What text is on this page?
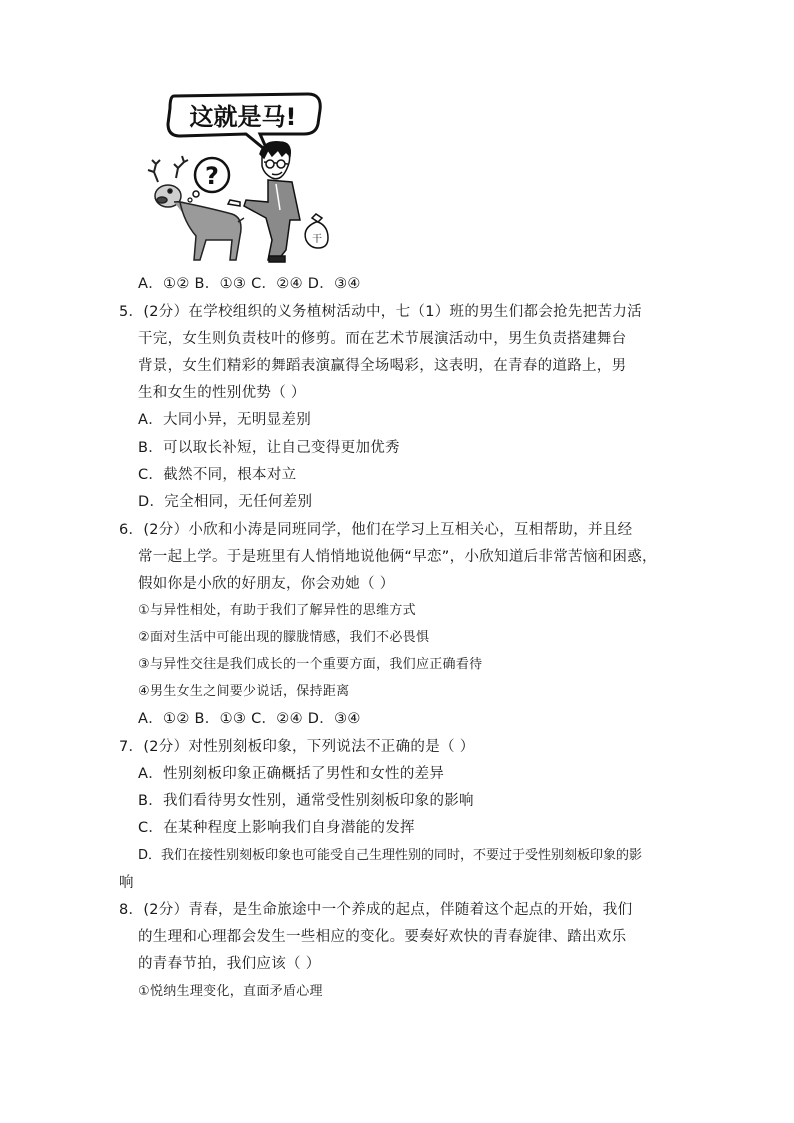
这就是马!
?
干
A．①② B．①③ C．②④ D．③④
5．(2分）在学校组织的义务植树活动中，七（1）班的男生们都会抢先把苦力活
干完，女生则负责枝叶的修剪。而在艺术节展演活动中，男生负责搭建舞台
背景，女生们精彩的舞蹈表演赢得全场喝彩，这表明，在青春的道路上，男
生和女生的性别优势（ ）
A．大同小异，无明显差别
B．可以取长补短，让自己变得更加优秀
C．截然不同，根本对立
D．完全相同，无任何差别
6．(2分）小欣和小涛是同班同学，他们在学习上互相关心，互相帮助，并且经
常一起上学。于是班里有人悄悄地说他俩“早恋”，小欣知道后非常苦恼和困惑，
假如你是小欣的好朋友，你会劝她（ ）
①与异性相处，有助于我们了解异性的思维方式
②面对生活中可能出现的朦胧情感，我们不必畏惧
③与异性交往是我们成长的一个重要方面，我们应正确看待
④男生女生之间要少说话，保持距离
A．①② B．①③ C．②④ D．③④
7．(2分）对性别刻板印象，下列说法不正确的是（ ）
A．性别刻板印象正确概括了男性和女性的差异
B．我们看待男女性别，通常受性别刻板印象的影响
C．在某种程度上影响我们自身潜能的发挥
D．我们在接性别刻板印象也可能受自己生理性别的同时，不要过于受性别刻板印象的影
响
8．(2分）青春，是生命旅途中一个养成的起点，伴随着这个起点的开始，我们
的生理和心理都会发生一些相应的变化。要奏好欢快的青春旋律、踏出欢乐
的青春节拍，我们应该（ ）
①悦纳生理变化，直面矛盾心理
